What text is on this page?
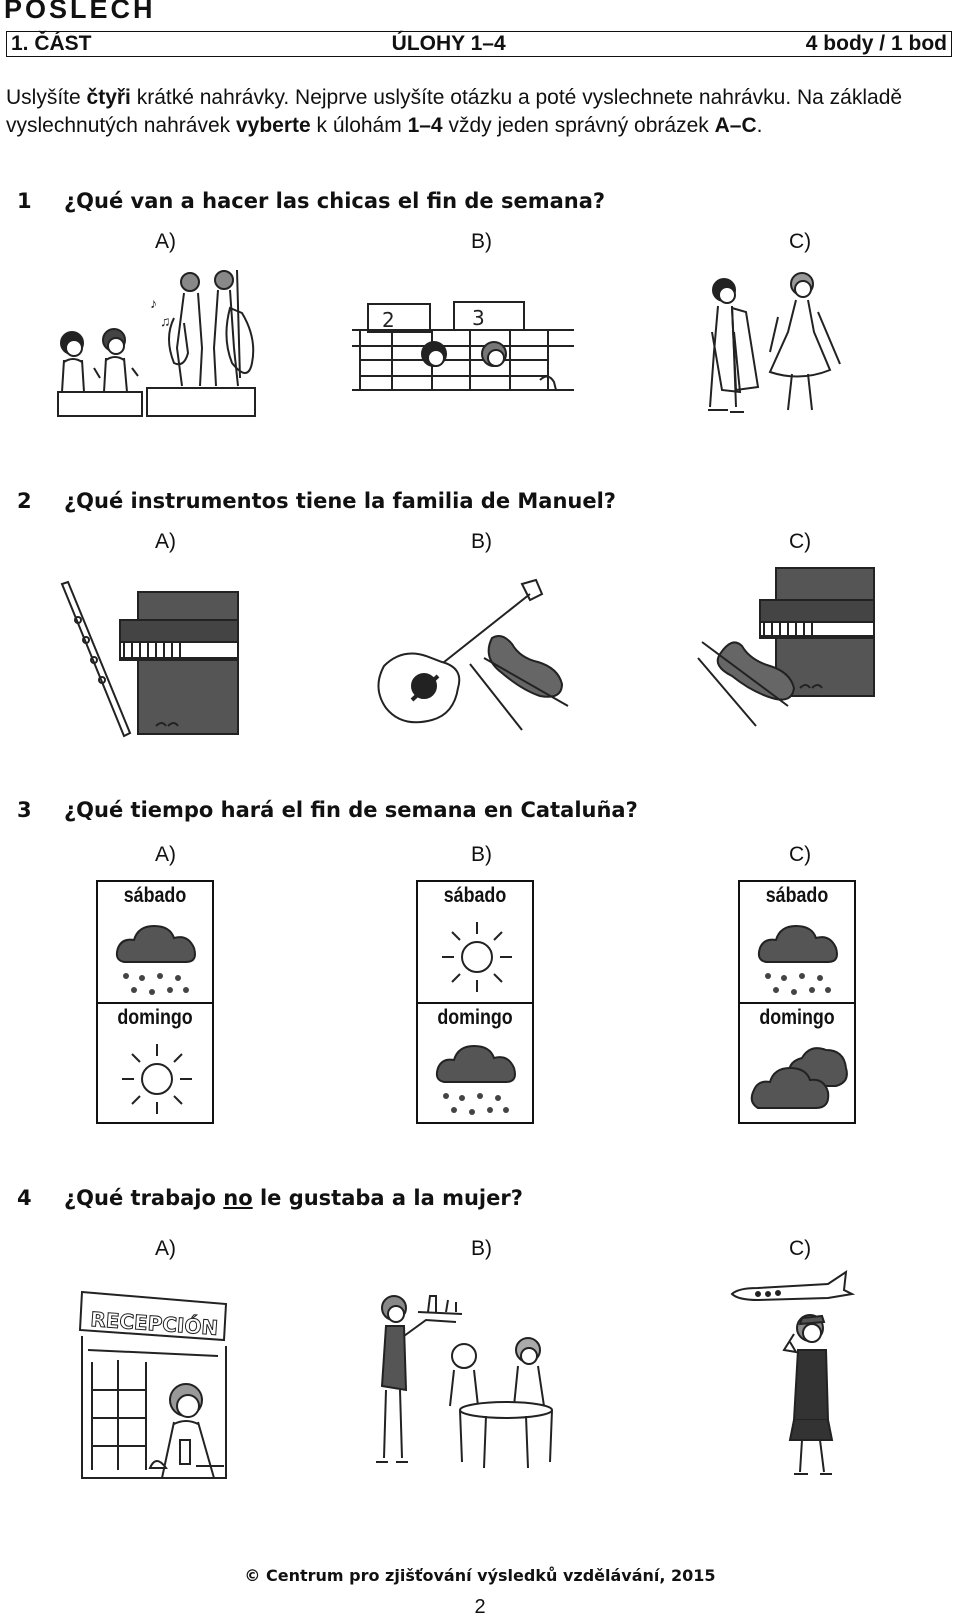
POSLECH
1. ČÁST	ÚLOHY 1–4	4 body / 1 bod
Uslyšíte čtyři krátké nahrávky. Nejprve uslyšíte otázku a poté vyslechnete nahrávku. Na základě vyslechnutých nahrávek vyberte k úlohám 1–4 vždy jeden správný obrázek A–C.
1 ¿Qué van a hacer las chicas el fin de semana?
A)	B)	C)
♪
♫	2	3
2 ¿Qué instrumentos tiene la familia de Manuel?
A)	B)	C)
3 ¿Qué tiempo hará el fin de semana en Cataluña?
A)	B)	C)
sábado
domingo
sábado
domingo
sábado
domingo
4 ¿Qué trabajo no le gustaba a la mujer?
A)	B)	C)
RECEPCIÓN
© Centrum pro zjišťování výsledků vzdělávání, 2015
2
